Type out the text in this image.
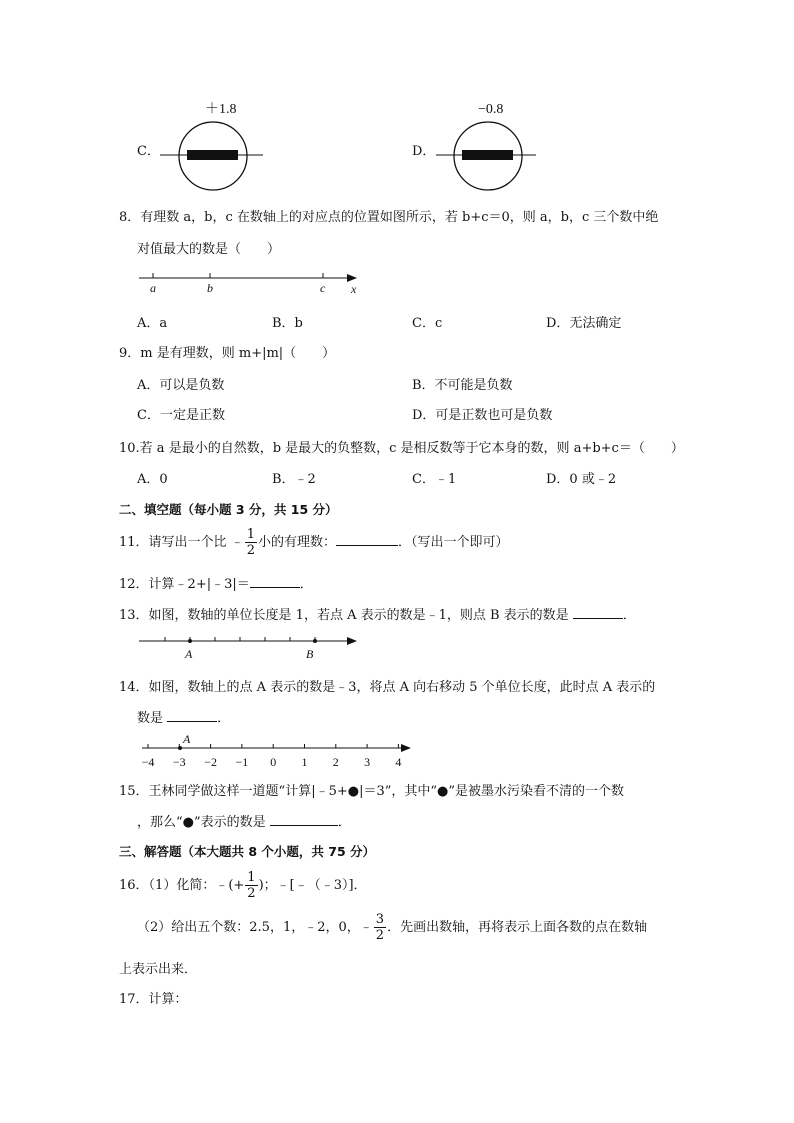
C．
＋1.8
D．
−0.8
8．有理数 a，b，c 在数轴上的对应点的位置如图所示，若 b+c＝0，则 a，b，c 三个数中绝
对值最大的数是（　　）
a	b	c x
A．a	B．b	C．c	D．无法确定
9．m 是有理数，则 m+|m|（　　）
A．可以是负数	B．不可能是负数
C．一定是正数	D．可是正数也可是负数
10.若 a 是最小的自然数，b 是最大的负整数，c 是相反数等于它本身的数，则 a+b+c＝（　　）
A．0	B．﹣2	C．﹣1	D．0 或﹣2
二、填空题（每小题 3 分，共 15 分）
11．请写出一个比 ﹣ $\frac{1}{2}$ 小的有理数：	．（写出一个即可）
12．计算﹣2+|﹣3|＝	．
13．如图，数轴的单位长度是 1，若点 A 表示的数是﹣1，则点 B 表示的数是	．
A	B
14．如图，数轴上的点 A 表示的数是﹣3，将点 A 向右移动 5 个单位长度，此时点 A 表示的
数是	．
A
−4 −3 −2 −1 0 1 2 3 4
15．王林同学做这样一道题“计算|﹣5+●|＝3”，其中“●”是被墨水污染看不清的一个数
，那么“●”表示的数是	．
三、解答题（本大题共 8 个小题，共 75 分）
16．（1）化简：﹣(+ $\frac{1}{2}$ )；﹣[﹣（﹣3）]．
（2）给出五个数：2.5，1，﹣2，0，﹣ $\frac{3}{2}$ ．先画出数轴，再将表示上面各数的点在数轴
上表示出来．
17．计算：
